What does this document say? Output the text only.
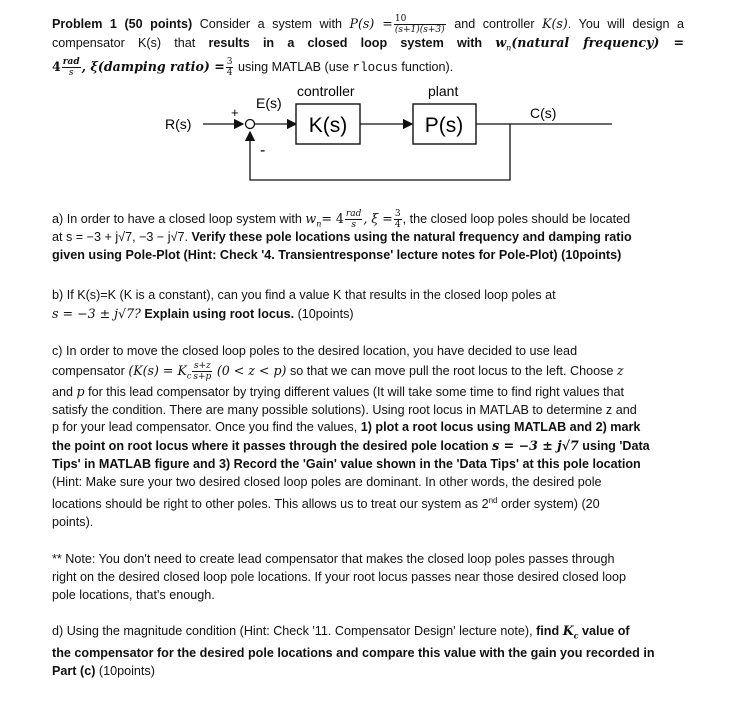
Problem 1 (50 points) Consider a system with $P(s) = \frac{10}{(s+1)(s+3)}$ and controller K(s). You will design a
compensator K(s) that results in a closed loop system with $w_n(natural$ frequency) =
$4 \frac{\text{rad}}{s}$ , ξ(damping ratio) = $\frac{3}{4}$ using MATLAB (use rlocus function).
controller	plant
R(s)
E(s)
+
-
K(s)	P(s)
C(s)
a) In order to have a closed loop system with $w_n= 4 \frac{\text{rad}}{s}$ , $\xi = \frac{3}{4}$ , the closed loop poles should be located
at s = −3 + j√7, −3 − j√7. Verify these pole locations using the natural frequency and damping ratio
given using Pole-Plot (Hint: Check '4. Transientresponse' lecture notes for Pole-Plot) (10points)
b) If K(s)=K (K is a constant), can you find a value K that results in the closed loop poles at
s = −3 ± j√7? Explain using root locus. (10points)
c) In order to move the closed loop poles to the desired location, you have decided to use lead
compensator ($K(s) = K_c \frac{s+z}{s+p} (0 < z < p)$ so that we can move pull the root locus to the left. Choose z
and p for this lead compensator by trying different values (It will take some time to find right values that
satisfy the condition. There are many possible solutions). Using root locus in MATLAB to determine z and
p for your lead compensator. Once you find the values, 1) plot a root locus using MATLAB and 2) mark
the point on root locus where it passes through the desired pole location s = −3 ± j√7 using 'Data
Tips' in MATLAB figure and 3) Record the 'Gain' value shown in the 'Data Tips' at this pole location
(Hint: Make sure your two desired closed loop poles are dominant. In other words, the desired pole
locations should be right to other poles. This allows us to treat our system as 2nd order system) (20
points).
** Note: You don't need to create lead compensator that makes the closed loop poles passes through
right on the desired closed loop pole locations. If your root locus passes near those desired closed loop
pole locations, that's enough.
d) Using the magnitude condition (Hint: Check '11. Compensator Design' lecture note), find $K_c$ value of
the compensator for the desired pole locations and compare this value with the gain you recorded in
Part (c) (10points)
